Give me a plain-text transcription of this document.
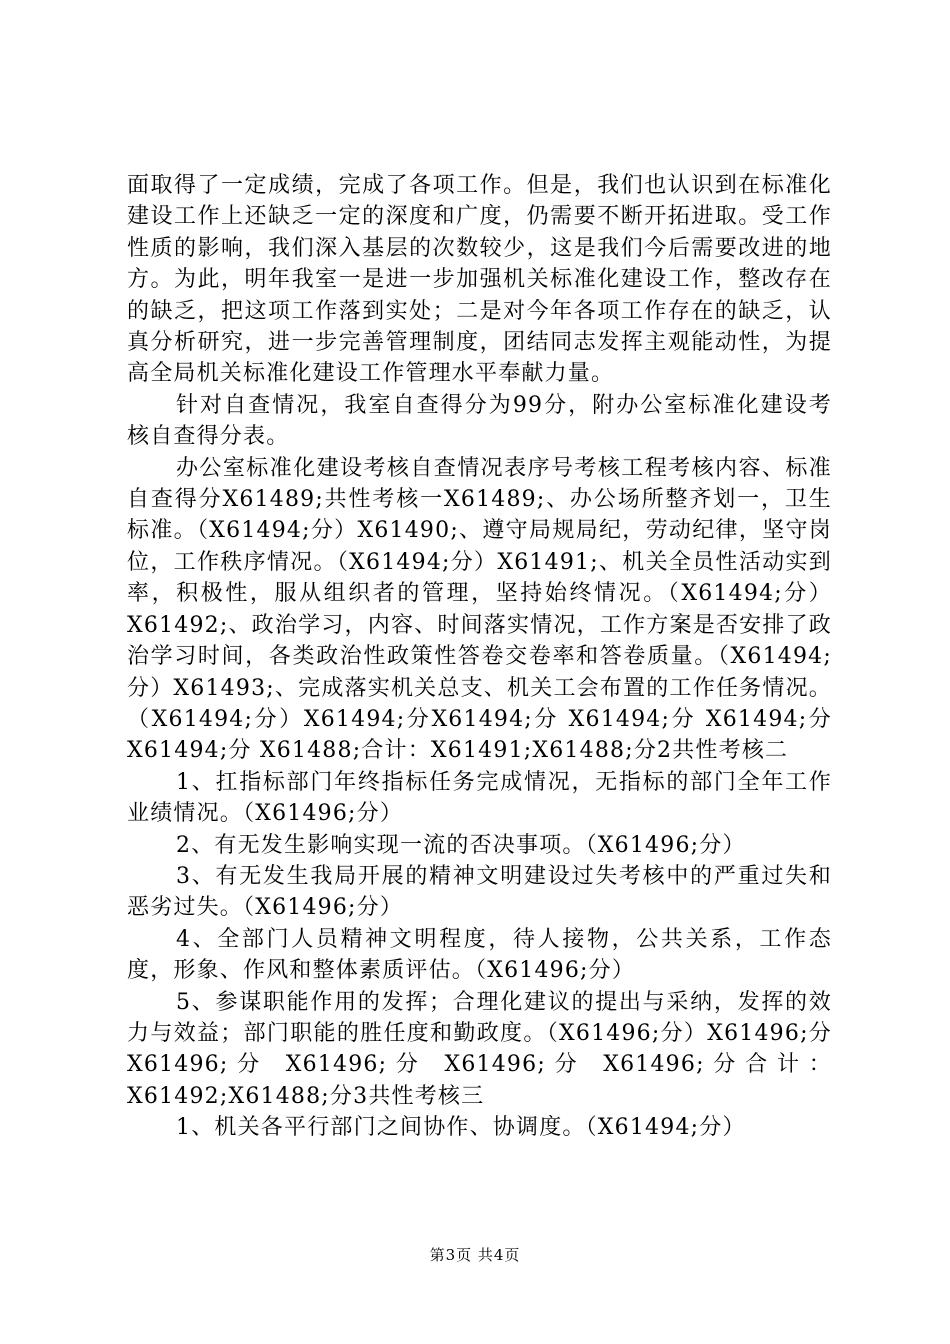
面取得了一定成绩，完成了各项工作。但是，我们也认识到在标准化建设工作上还缺乏一定的深度和广度，仍需要不断开拓进取。受工作性质的影响，我们深入基层的次数较少，这是我们今后需要改进的地方。为此，明年我室一是进一步加强机关标准化建设工作，整改存在的缺乏，把这项工作落到实处；二是对今年各项工作存在的缺乏，认真分析研究，进一步完善管理制度，团结同志发挥主观能动性，为提高全局机关标准化建设工作管理水平奉献力量。

针对自查情况，我室自查得分为99分，附办公室标准化建设考核自查得分表。

办公室标准化建设考核自查情况表序号考核工程考核内容、标准自查得分X61489;共性考核一X61489;、办公场所整齐划一，卫生标准。（X61494;分）X61490;、遵守局规局纪，劳动纪律，坚守岗位，工作秩序情况。（X61494;分）X61491;、机关全员性活动实到率，积极性，服从组织者的管理，坚持始终情况。（X61494;分）X61492;、政治学习，内容、时间落实情况，工作方案是否安排了政治学习时间，各类政治性政策性答卷交卷率和答卷质量。（X61494;分）X61493;、完成落实机关总支、机关工会布置的工作任务情况。（X61494;分）X61494;分X61494;分 X61494;分 X61494;分 X61494;分 X61488;合计：X61491;X61488;分2共性考核二

1、扛指标部门年终指标任务完成情况，无指标的部门全年工作业绩情况。（X61496;分）

2、有无发生影响实现一流的否决事项。（X61496;分）

3、有无发生我局开展的精神文明建设过失考核中的严重过失和恶劣过失。（X61496;分）

4、全部门人员精神文明程度，待人接物，公共关系，工作态度，形象、作风和整体素质评估。（X61496;分）

5、参谋职能作用的发挥；合理化建议的提出与采纳，发挥的效力与效益；部门职能的胜任度和勤政度。（X61496;分）X61496;分 X61496;分 X61496;分 X61496;分 X61496;分合计：X61492;X61488;分3共性考核三

1、机关各平行部门之间协作、协调度。（X61494;分）

第3页 共4页
